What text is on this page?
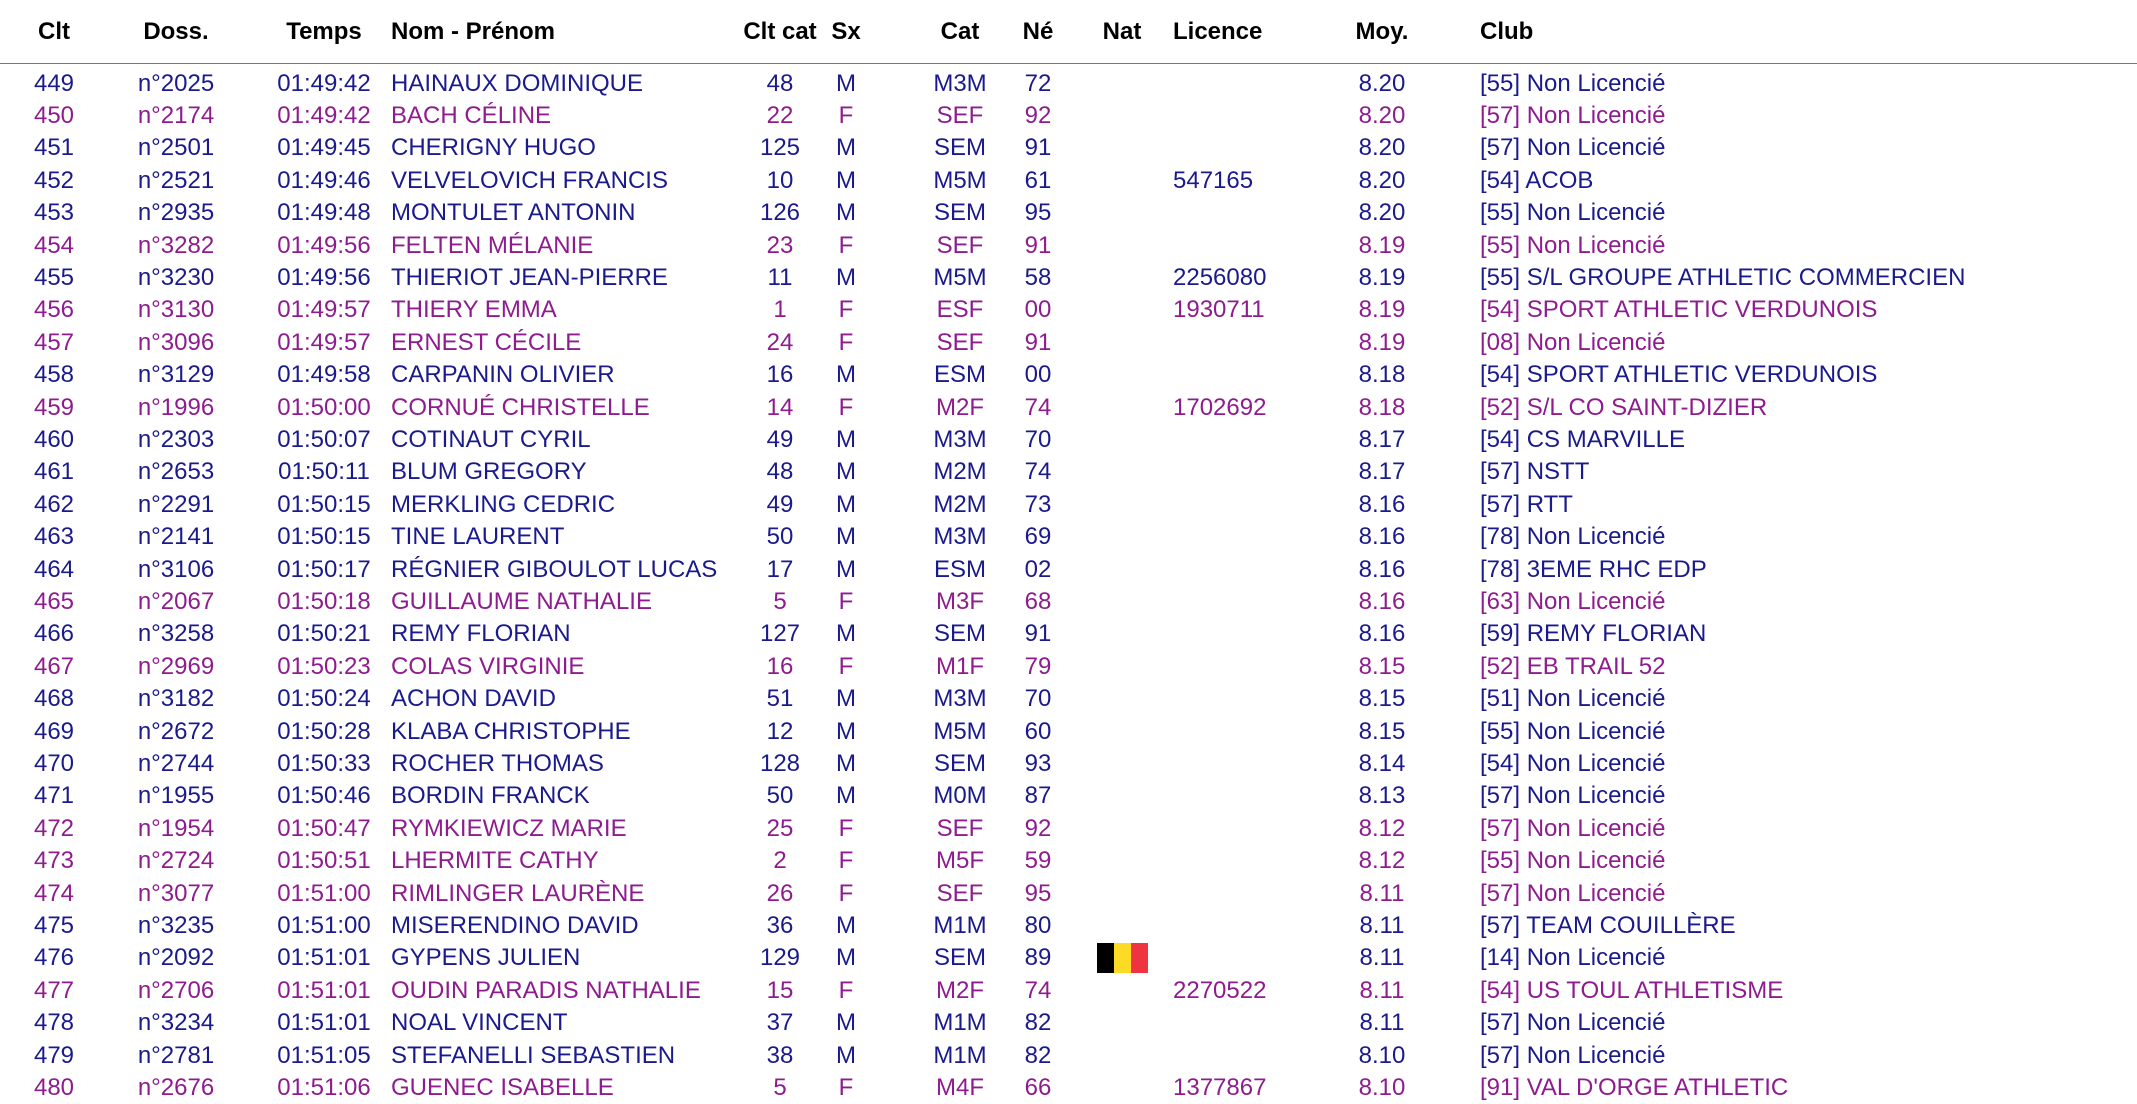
Clt	Doss.	Temps	Nom - Prénom	Clt cat Sx	Cat	Né	Nat	Licence	Moy.	Club
449	n°2025	01:49:42 HAINAUX DOMINIQUE	48	M	M3M	72	8.20	[55] Non Licencié
450	n°2174	01:49:42 BACH CÉLINE	22	F	SEF	92	8.20	[57] Non Licencié
451	n°2501	01:49:45 CHERIGNY HUGO	125	M	SEM	91	8.20	[57] Non Licencié
452	n°2521	01:49:46 VELVELOVICH FRANCIS	10	M	M5M	61	547165	8.20	[54] ACOB
453	n°2935	01:49:48 MONTULET ANTONIN	126	M	SEM	95	8.20	[55] Non Licencié
454	n°3282	01:49:56 FELTEN MÉLANIE	23	F	SEF	91	8.19	[55] Non Licencié
455	n°3230	01:49:56 THIERIOT JEAN-PIERRE	11	M	M5M	58	2256080	8.19	[55] S/L GROUPE ATHLETIC COMMERCIEN
456	n°3130	01:49:57 THIERY EMMA	1	F	ESF	00	1930711	8.19	[54] SPORT ATHLETIC VERDUNOIS
457	n°3096	01:49:57 ERNEST CÉCILE	24	F	SEF	91	8.19	[08] Non Licencié
458	n°3129	01:49:58 CARPANIN OLIVIER	16	M	ESM	00	8.18	[54] SPORT ATHLETIC VERDUNOIS
459	n°1996	01:50:00 CORNUÉ CHRISTELLE	14	F	M2F	74	1702692	8.18	[52] S/L CO SAINT-DIZIER
460	n°2303	01:50:07 COTINAUT CYRIL	49	M	M3M	70	8.17	[54] CS MARVILLE
461	n°2653	01:50:11 BLUM GREGORY	48	M	M2M	74	8.17	[57] NSTT
462	n°2291	01:50:15 MERKLING CEDRIC	49	M	M2M	73	8.16	[57] RTT
463	n°2141	01:50:15 TINE LAURENT	50	M	M3M	69	8.16	[78] Non Licencié
464	n°3106	01:50:17 RÉGNIER GIBOULOT LUCAS	17	M	ESM	02	8.16	[78] 3EME RHC EDP
465	n°2067	01:50:18 GUILLAUME NATHALIE	5	F	M3F	68	8.16	[63] Non Licencié
466	n°3258	01:50:21 REMY FLORIAN	127	M	SEM	91	8.16	[59] REMY FLORIAN
467	n°2969	01:50:23 COLAS VIRGINIE	16	F	M1F	79	8.15	[52] EB TRAIL 52
468	n°3182	01:50:24 ACHON DAVID	51	M	M3M	70	8.15	[51] Non Licencié
469	n°2672	01:50:28 KLABA CHRISTOPHE	12	M	M5M	60	8.15	[55] Non Licencié
470	n°2744	01:50:33 ROCHER THOMAS	128	M	SEM	93	8.14	[54] Non Licencié
471	n°1955	01:50:46 BORDIN FRANCK	50	M	M0M	87	8.13	[57] Non Licencié
472	n°1954	01:50:47 RYMKIEWICZ MARIE	25	F	SEF	92	8.12	[57] Non Licencié
473	n°2724	01:50:51 LHERMITE CATHY	2	F	M5F	59	8.12	[55] Non Licencié
474	n°3077	01:51:00 RIMLINGER LAURÈNE	26	F	SEF	95	8.11	[57] Non Licencié
475	n°3235	01:51:00 MISERENDINO DAVID	36	M	M1M	80	8.11	[57] TEAM COUILLÈRE
476	n°2092	01:51:01 GYPENS JULIEN	129	M	SEM	89	8.11	[14] Non Licencié
477	n°2706	01:51:01 OUDIN PARADIS NATHALIE	15	F	M2F	74	2270522	8.11	[54] US TOUL ATHLETISME
478	n°3234	01:51:01 NOAL VINCENT	37	M	M1M	82	8.11	[57] Non Licencié
479	n°2781	01:51:05 STEFANELLI SEBASTIEN	38	M	M1M	82	8.10	[57] Non Licencié
480	n°2676	01:51:06 GUENEC ISABELLE	5	F	M4F	66	1377867	8.10	[91] VAL D'ORGE ATHLETIC
